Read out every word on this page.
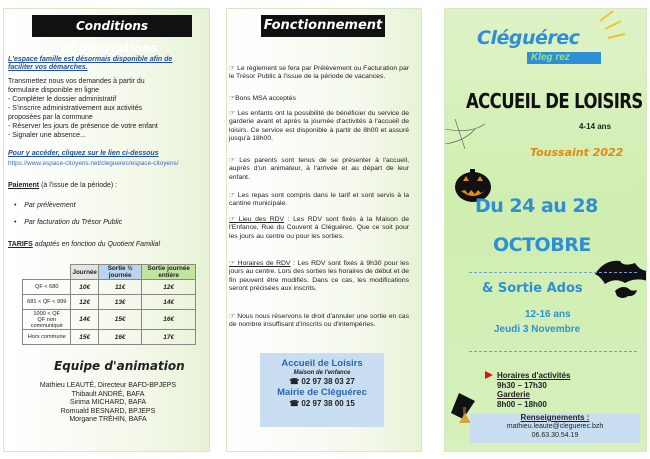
Conditions d'inscriptions
L'espace famille est désormais disponible afin de
faciliter vos démarches.
Transmettez nous vos demandes à partir du
formulaire disponible en ligne
- Compléter le dossier administratif
- S'inscrire administrativement aux activités
proposées par la commune
- Réserver les jours de présence de votre enfant
- Signaler une absence...
Pour y accéder, cliquez sur le lien ci-dessous
https://www.espace-citoyens.net/cleguerec/espace-citoyens/
Paiement (à l'issue de la période) :
•    Par prélèvement
•    Par facturation du Trésor Public
TARIFS adaptés en fonction du Quotient Familial
	Journée	Sortie ½ journée	Sortie journée entière
QF < 680	10€	11€	12€
681 < QF < 999	12€	13€	14€
1000 < QF
QF non communiqué	14€	15€	16€
Hors commune	15€	16€	17€
Equipe d'animation
Mathieu LEAUTÉ, Directeur BAFD-BPJEPS
Thibault ANDRÉ, BAFA
Sirima MICHARD, BAFA
Romuald BESNARD, BPJEPS
Morgane TRÉHIN, BAFA
Fonctionnement
☞ Le règlement se fera par Prélèvement ou Facturation par le Trésor Public à l'issue de la période de vacances.
☞Bons MSA acceptés
☞ Les enfants ont la possibilité de bénéficier du service de garderie avant et après la journée d'activités à l'accueil de loisirs. Ce service est disponible à partir de 8h00 et assuré jusqu'à 18h00.
☞ Les parents sont tenus de se présenter à l'accueil, auprès d'un animateur, à l'arrivée et au départ de leur enfant.
☞ Les repas sont compris dans le tarif et sont servis à la cantine municipale.
☞ Lieu des RDV : Les RDV sont fixés à la Maison de l'Enfance, Rue du Couvent à Cléguérec. Que ce soit pour les jours au centre ou pour les sorties.
☞ Horaires de RDV : Les RDV sont fixés à 9h30 pour les jours au centre. Lors des sorties les horaires de début et de fin peuvent être modifiés. Dans ce cas, les modifications seront précisées aux inscrits.
☞ Nous nous réservons le droit d'annuler une sortie en cas de nombre insuffisant d'inscrits ou d'intempéries.
Accueil de Loisirs
Maison de l'enfance
☎ 02 97 38 03 27
Mairie de Cléguérec
☎ 02 97 38 00 15
Cléguérec
Kleg rez
ACCUEIL DE LOISIRS
4-14 ans
Toussaint 2022
Du 24 au 28
OCTOBRE
& Sortie Ados
12-16 ans
Jeudi 3 Novembre
Horaires d'activités
9h30 – 17h30
Garderie
8h00 – 18h00
Renseignements :
mathieu.leaute@cleguerec.bzh
06.63.30.54.19
